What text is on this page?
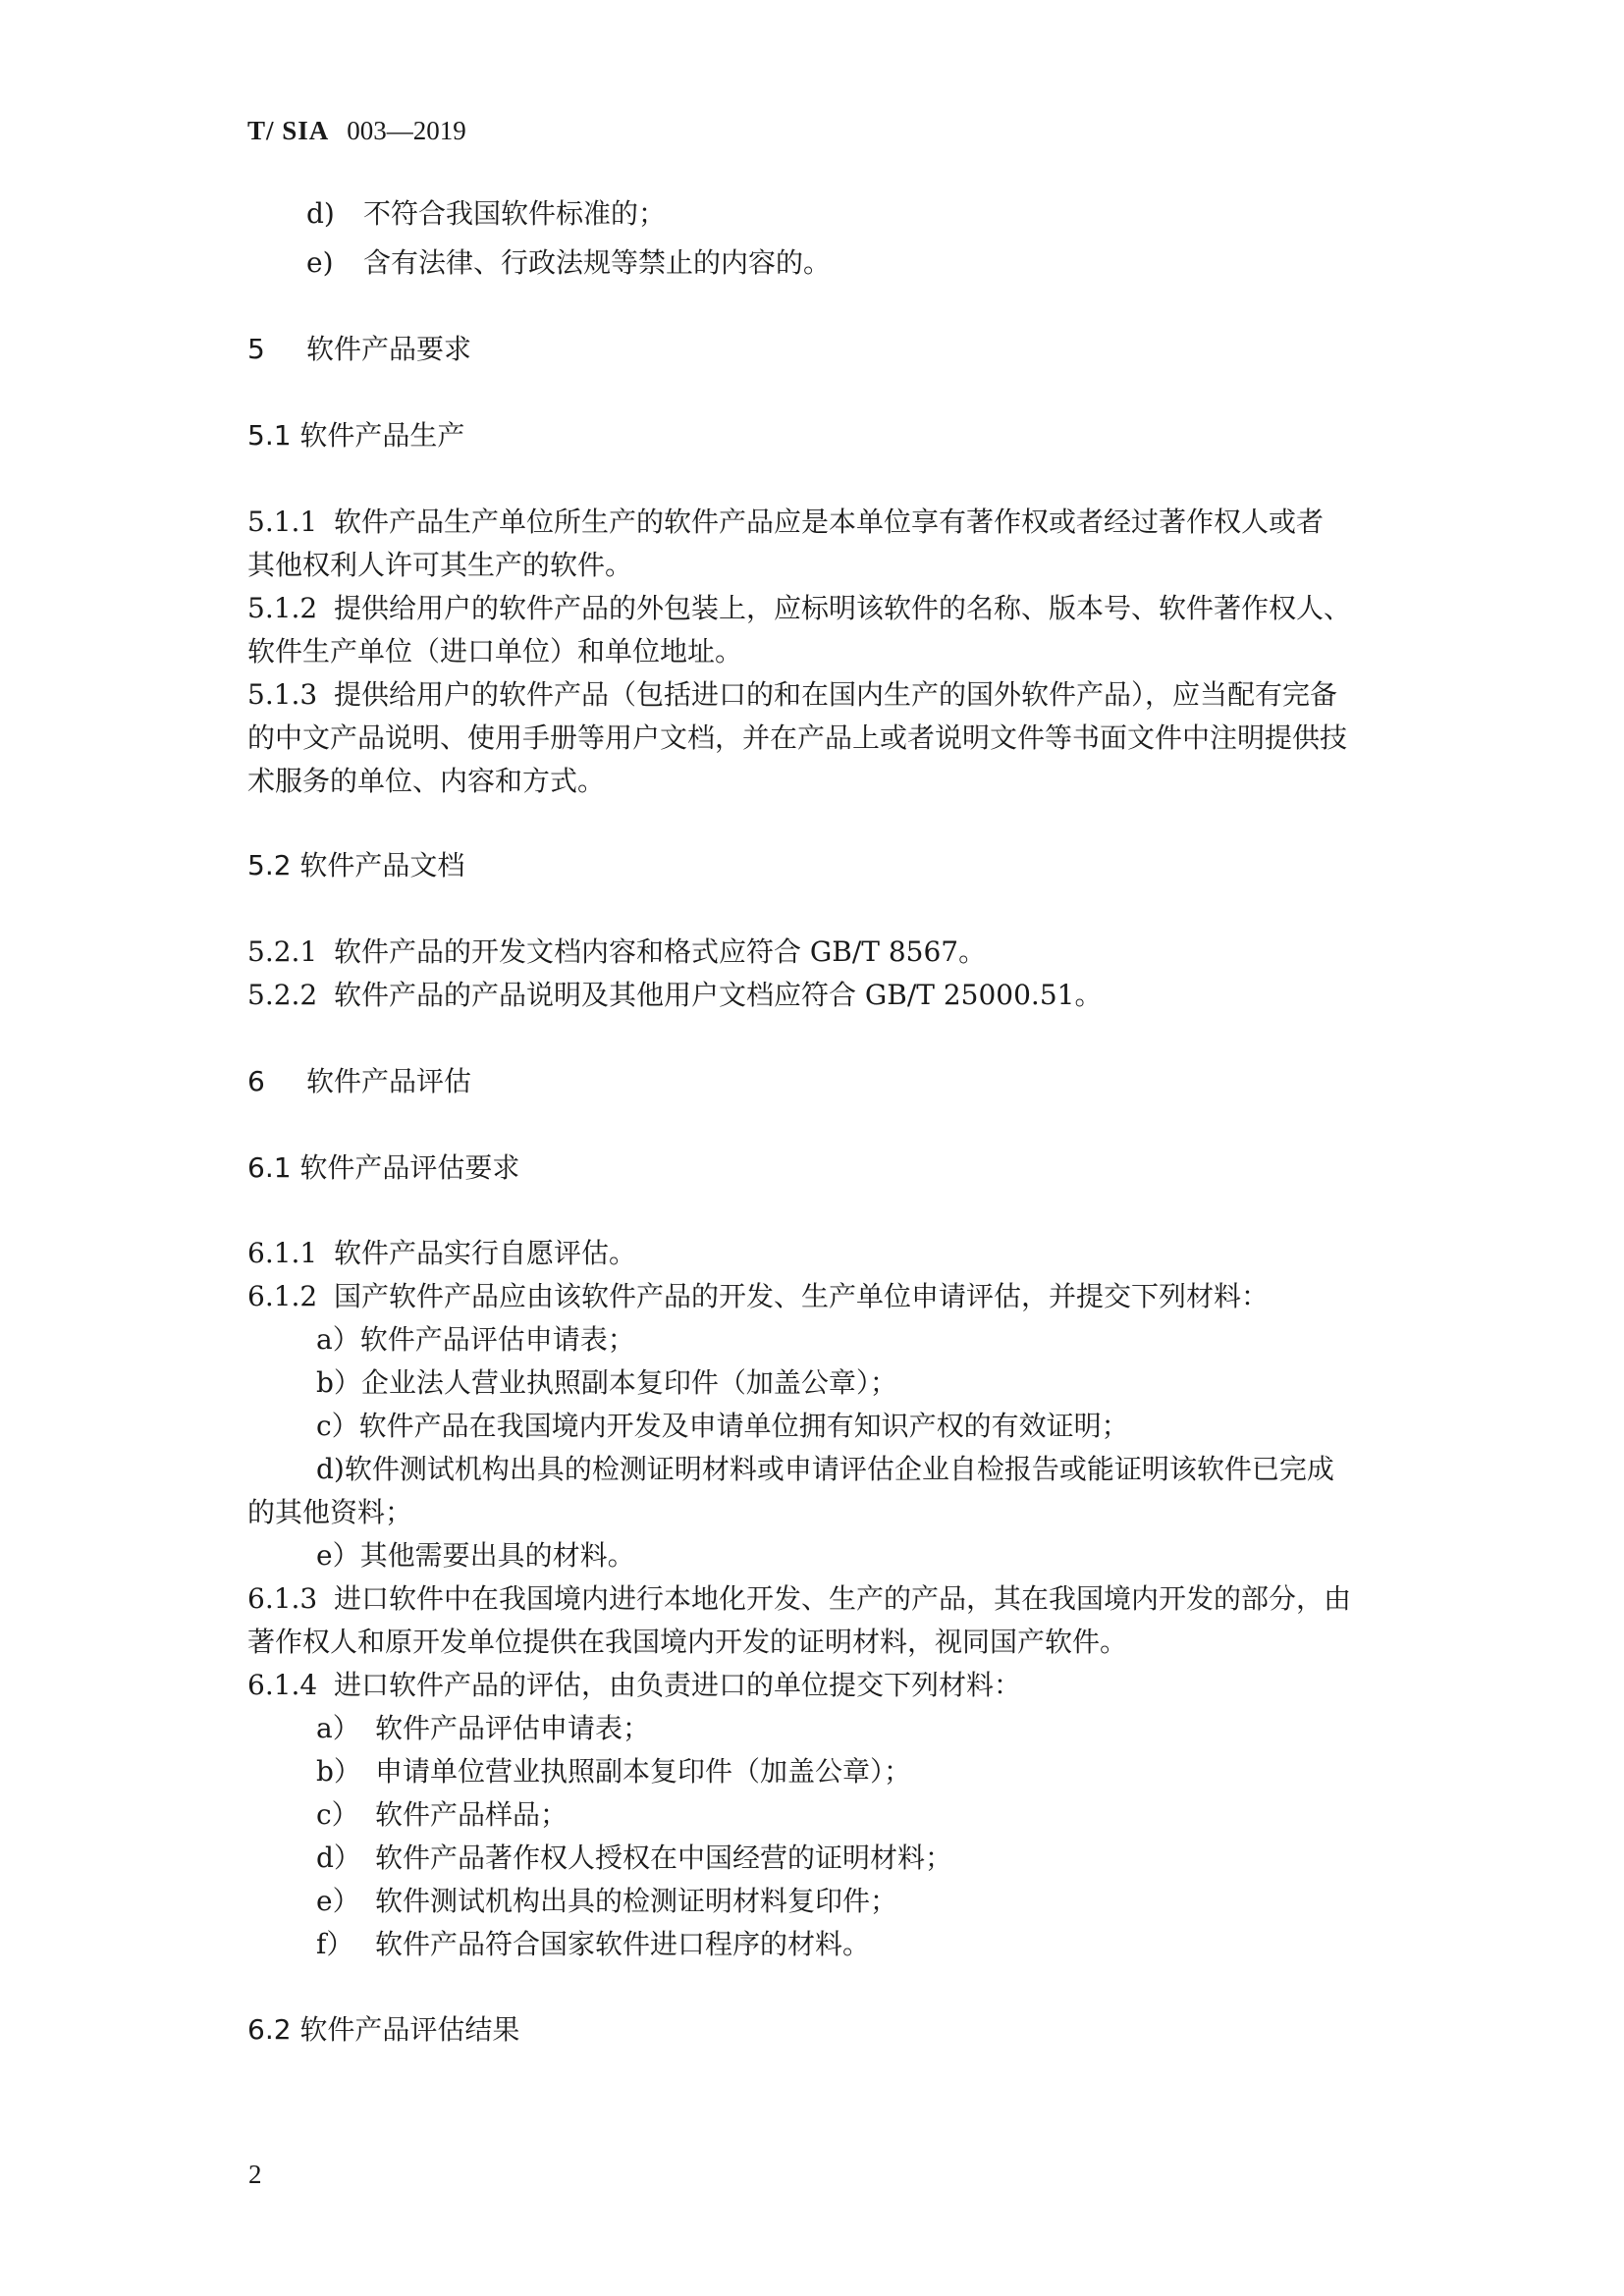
T/ SIA 003—2019
d) 不符合我国软件标准的；
e) 含有法律、行政法规等禁止的内容的。
5 软件产品要求
5.1 软件产品生产
5.1.1 软件产品生产单位所生产的软件产品应是本单位享有著作权或者经过著作权人或者
其他权利人许可其生产的软件。
5.1.2 提供给用户的软件产品的外包装上，应标明该软件的名称、版本号、软件著作权人、
软件生产单位（进口单位）和单位地址。
5.1.3 提供给用户的软件产品（包括进口的和在国内生产的国外软件产品），应当配有完备
的中文产品说明、使用手册等用户文档，并在产品上或者说明文件等书面文件中注明提供技
术服务的单位、内容和方式。
5.2 软件产品文档
5.2.1 软件产品的开发文档内容和格式应符合 GB/T 8567。
5.2.2 软件产品的产品说明及其他用户文档应符合 GB/T 25000.51。
6 软件产品评估
6.1 软件产品评估要求
6.1.1 软件产品实行自愿评估。
6.1.2 国产软件产品应由该软件产品的开发、生产单位申请评估，并提交下列材料：
a）软件产品评估申请表；
b）企业法人营业执照副本复印件（加盖公章）；
c）软件产品在我国境内开发及申请单位拥有知识产权的有效证明；
d)软件测试机构出具的检测证明材料或申请评估企业自检报告或能证明该软件已完成
的其他资料；
e）其他需要出具的材料。
6.1.3 进口软件中在我国境内进行本地化开发、生产的产品，其在我国境内开发的部分，由
著作权人和原开发单位提供在我国境内开发的证明材料，视同国产软件。
6.1.4 进口软件产品的评估，由负责进口的单位提交下列材料：
a） 软件产品评估申请表；
b） 申请单位营业执照副本复印件（加盖公章）；
c） 软件产品样品；
d） 软件产品著作权人授权在中国经营的证明材料；
e） 软件测试机构出具的检测证明材料复印件；
f） 软件产品符合国家软件进口程序的材料。
6.2 软件产品评估结果
2
